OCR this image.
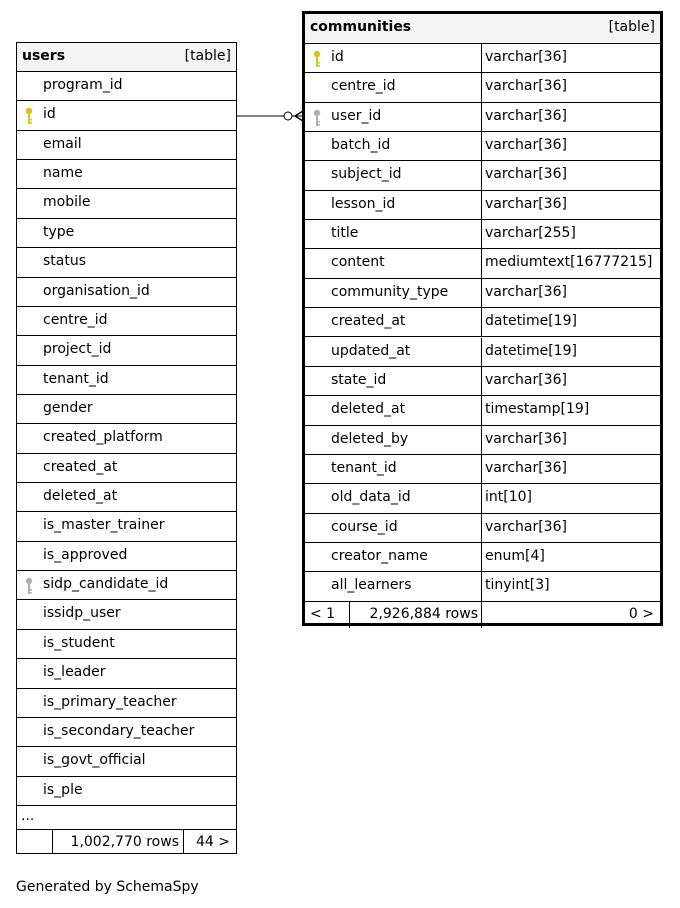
users	[table]
program_id
id
email
name
mobile
type
status
organisation_id
centre_id
project_id
tenant_id
gender
created_platform
created_at
deleted_at
is_master_trainer
is_approved
sidp_candidate_id
issidp_user
is_student
is_leader
is_primary_teacher
is_secondary_teacher
is_govt_official
is_ple
...
1,002,770 rows 44 >
communities	[table]
id	varchar[36]
centre_id	varchar[36]
user_id	varchar[36]
batch_id	varchar[36]
subject_id	varchar[36]
lesson_id	varchar[36]
title	varchar[255]
content	mediumtext[16777215]
community_type	varchar[36]
created_at	datetime[19]
updated_at	datetime[19]
state_id	varchar[36]
deleted_at	timestamp[19]
deleted_by	varchar[36]
tenant_id	varchar[36]
old_data_id	int[10]
course_id	varchar[36]
creator_name	enum[4]
all_learners	tinyint[3]
< 1 2,926,884 rows	0 >
Generated by SchemaSpy
